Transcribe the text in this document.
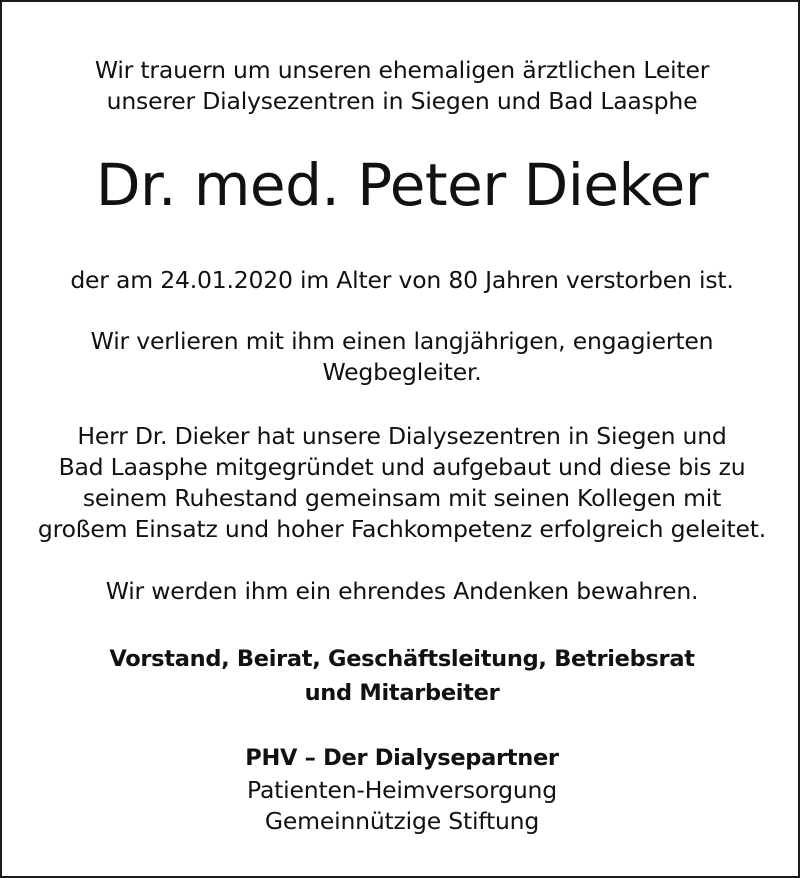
Wir trauern um unseren ehemaligen ärztlichen Leiter
unserer Dialysezentren in Siegen und Bad Laasphe
Dr. med. Peter Dieker
der am 24.01.2020 im Alter von 80 Jahren verstorben ist.
Wir verlieren mit ihm einen langjährigen, engagierten
Wegbegleiter.
Herr Dr. Dieker hat unsere Dialysezentren in Siegen und
Bad Laasphe mitgegründet und aufgebaut und diese bis zu
seinem Ruhestand gemeinsam mit seinen Kollegen mit
großem Einsatz und hoher Fachkompetenz erfolgreich geleitet.
Wir werden ihm ein ehrendes Andenken bewahren.
Vorstand, Beirat, Geschäftsleitung, Betriebsrat
und Mitarbeiter
PHV – Der Dialysepartner
Patienten-Heimversorgung
Gemeinnützige Stiftung
